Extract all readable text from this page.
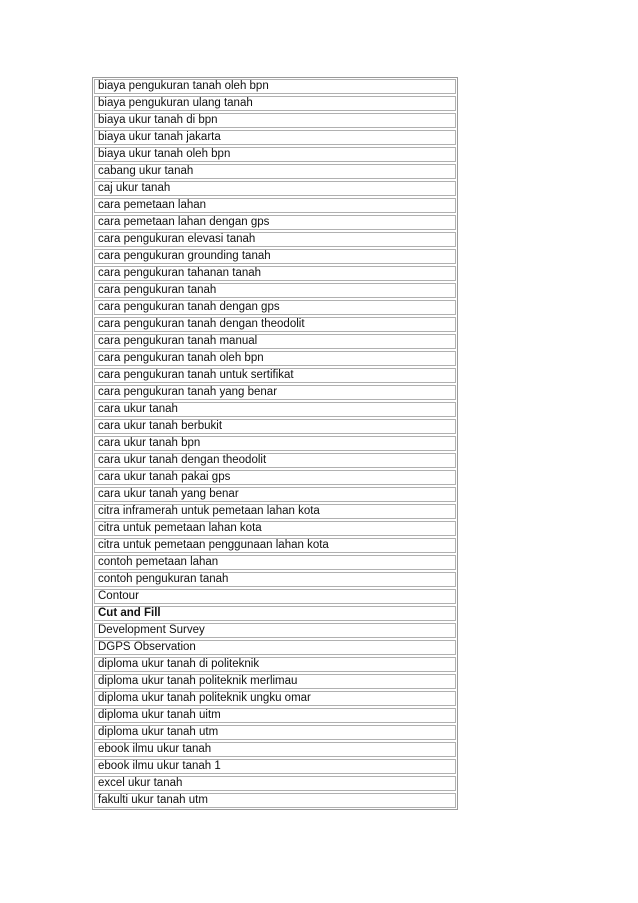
biaya pengukuran tanah oleh bpn
biaya pengukuran ulang tanah
biaya ukur tanah di bpn
biaya ukur tanah jakarta
biaya ukur tanah oleh bpn
cabang ukur tanah
caj ukur tanah
cara pemetaan lahan
cara pemetaan lahan dengan gps
cara pengukuran elevasi tanah
cara pengukuran grounding tanah
cara pengukuran tahanan tanah
cara pengukuran tanah
cara pengukuran tanah dengan gps
cara pengukuran tanah dengan theodolit
cara pengukuran tanah manual
cara pengukuran tanah oleh bpn
cara pengukuran tanah untuk sertifikat
cara pengukuran tanah yang benar
cara ukur tanah
cara ukur tanah berbukit
cara ukur tanah bpn
cara ukur tanah dengan theodolit
cara ukur tanah pakai gps
cara ukur tanah yang benar
citra inframerah untuk pemetaan lahan kota
citra untuk pemetaan lahan kota
citra untuk pemetaan penggunaan lahan kota
contoh pemetaan lahan
contoh pengukuran tanah
Contour
Cut and Fill
Development Survey
DGPS Observation
diploma ukur tanah di politeknik
diploma ukur tanah politeknik merlimau
diploma ukur tanah politeknik ungku omar
diploma ukur tanah uitm
diploma ukur tanah utm
ebook ilmu ukur tanah
ebook ilmu ukur tanah 1
excel ukur tanah
fakulti ukur tanah utm
